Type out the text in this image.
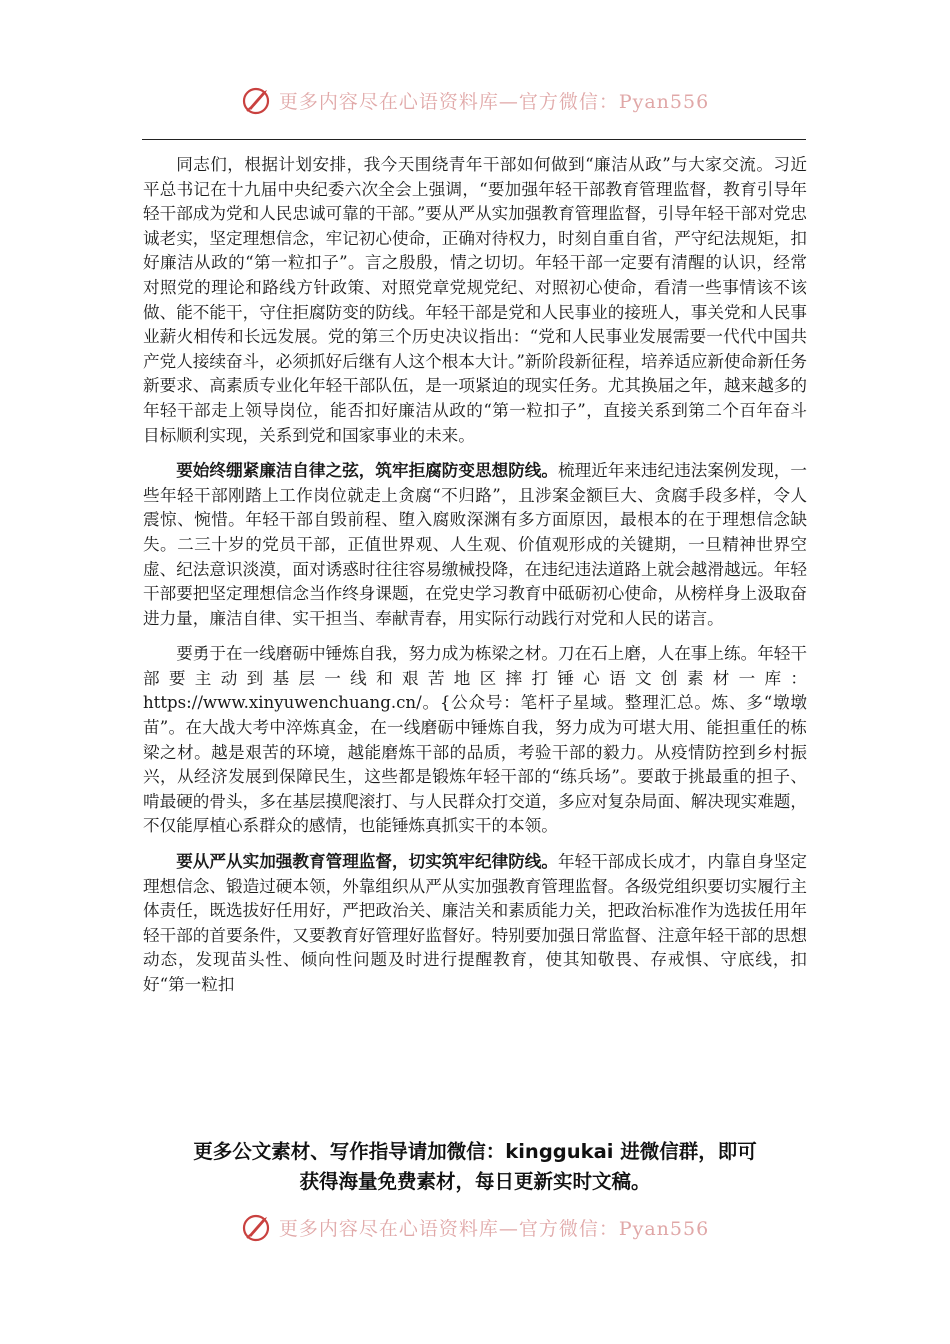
更多内容尽在心语资料库—官方微信：Pyan556

同志们，根据计划安排，我今天围绕青年干部如何做到“廉洁从政”与大家交流。习近平总书记在十九届中央纪委六次全会上强调，“要加强年轻干部教育管理监督，教育引导年轻干部成为党和人民忠诚可靠的干部。”要从严从实加强教育管理监督，引导年轻干部对党忠诚老实，坚定理想信念，牢记初心使命，正确对待权力，时刻自重自省，严守纪法规矩，扣好廉洁从政的“第一粒扣子”。言之殷殷，情之切切。年轻干部一定要有清醒的认识，经常对照党的理论和路线方针政策、对照党章党规党纪、对照初心使命，看清一些事情该不该做、能不能干，守住拒腐防变的防线。年轻干部是党和人民事业的接班人，事关党和人民事业薪火相传和长远发展。党的第三个历史决议指出：“党和人民事业发展需要一代代中国共产党人接续奋斗，必须抓好后继有人这个根本大计。”新阶段新征程，培养适应新使命新任务新要求、高素质专业化年轻干部队伍，是一项紧迫的现实任务。尤其换届之年，越来越多的年轻干部走上领导岗位，能否扣好廉洁从政的“第一粒扣子”，直接关系到第二个百年奋斗目标顺利实现，关系到党和国家事业的未来。

要始终绷紧廉洁自律之弦，筑牢拒腐防变思想防线。梳理近年来违纪违法案例发现，一些年轻干部刚踏上工作岗位就走上贪腐“不归路”，且涉案金额巨大、贪腐手段多样，令人震惊、惋惜。年轻干部自毁前程、堕入腐败深渊有多方面原因，最根本的在于理想信念缺失。二三十岁的党员干部，正值世界观、人生观、价值观形成的关键期，一旦精神世界空虚、纪法意识淡漠，面对诱惑时往往容易缴械投降，在违纪违法道路上就会越滑越远。年轻干部要把坚定理想信念当作终身课题，在党史学习教育中砥砺初心使命，从榜样身上汲取奋进力量，廉洁自律、实干担当、奉献青春，用实际行动践行对党和人民的诺言。

要勇于在一线磨砺中锤炼自我，努力成为栋梁之材。刀在石上磨，人在事上练。年轻干部要主动到基层一线和艰苦地区摔打锤心语文创素材一库：https://www.xinyuwenchuang.cn/。{公众号：笔杆子星域。整理汇总。炼、多“墩墩苗”。在大战大考中淬炼真金，在一线磨砺中锤炼自我，努力成为可堪大用、能担重任的栋梁之材。越是艰苦的环境，越能磨炼干部的品质，考验干部的毅力。从疫情防控到乡村振兴，从经济发展到保障民生，这些都是锻炼年轻干部的“练兵场”。要敢于挑最重的担子、啃最硬的骨头，多在基层摸爬滚打、与人民群众打交道，多应对复杂局面、解决现实难题，不仅能厚植心系群众的感情，也能锤炼真抓实干的本领。

要从严从实加强教育管理监督，切实筑牢纪律防线。年轻干部成长成才，内靠自身坚定理想信念、锻造过硬本领，外靠组织从严从实加强教育管理监督。各级党组织要切实履行主体责任，既选拔好任用好，严把政治关、廉洁关和素质能力关，把政治标准作为选拔任用年轻干部的首要条件，又要教育好管理好监督好。特别要加强日常监督、注意年轻干部的思想动态，发现苗头性、倾向性问题及时进行提醒教育，使其知敬畏、存戒惧、守底线，扣好“第一粒扣

更多公文素材、写作指导请加微信：kinggukai 进微信群，即可
获得海量免费素材，每日更新实时文稿。
更多内容尽在心语资料库—官方微信：Pyan556
